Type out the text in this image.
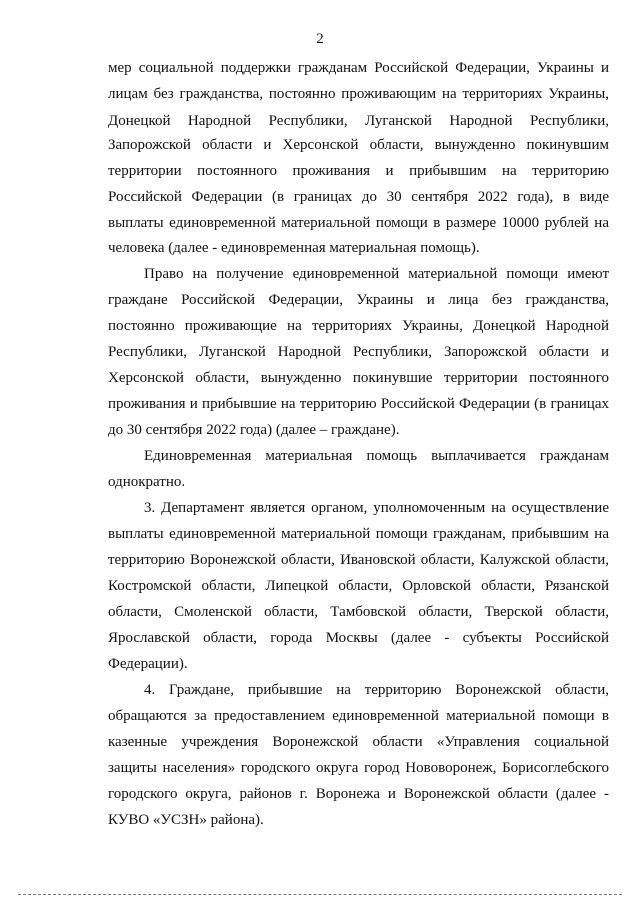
2
мер социальной поддержки гражданам Российской Федерации, Украины и
лицам без гражданства, постоянно проживающим на территориях Украины,
Донецкой Народной Республики, Луганской Народной Республики,
Запорожской области и Херсонской области, вынужденно покинувшим
территории постоянного проживания и прибывшим на территорию
Российской Федерации (в границах до 30 сентября 2022 года), в виде
выплаты единовременной материальной помощи в размере 10000 рублей на
человека (далее - единовременная материальная помощь).
Право на получение единовременной материальной помощи имеют
граждане Российской Федерации, Украины и лица без гражданства,
постоянно проживающие на территориях Украины, Донецкой Народной
Республики, Луганской Народной Республики, Запорожской области и
Херсонской области, вынужденно покинувшие территории постоянного
проживания и прибывшие на территорию Российской Федерации (в границах
до 30 сентября 2022 года) (далее – граждане).
Единовременная материальная помощь выплачивается гражданам
однократно.
3. Департамент является органом, уполномоченным на осуществление
выплаты единовременной материальной помощи гражданам, прибывшим на
территорию Воронежской области, Ивановской области, Калужской области,
Костромской области, Липецкой области, Орловской области, Рязанской
области, Смоленской области, Тамбовской области, Тверской области,
Ярославской области, города Москвы (далее - субъекты Российской
Федерации).
4. Граждане, прибывшие на территорию Воронежской области,
обращаются за предоставлением единовременной материальной помощи в
казенные учреждения Воронежской области «Управления социальной
защиты населения» городского округа город Нововоронеж, Борисоглебского
городского округа, районов г. Воронежа и Воронежской области (далее -
КУВО «УСЗН» района).
